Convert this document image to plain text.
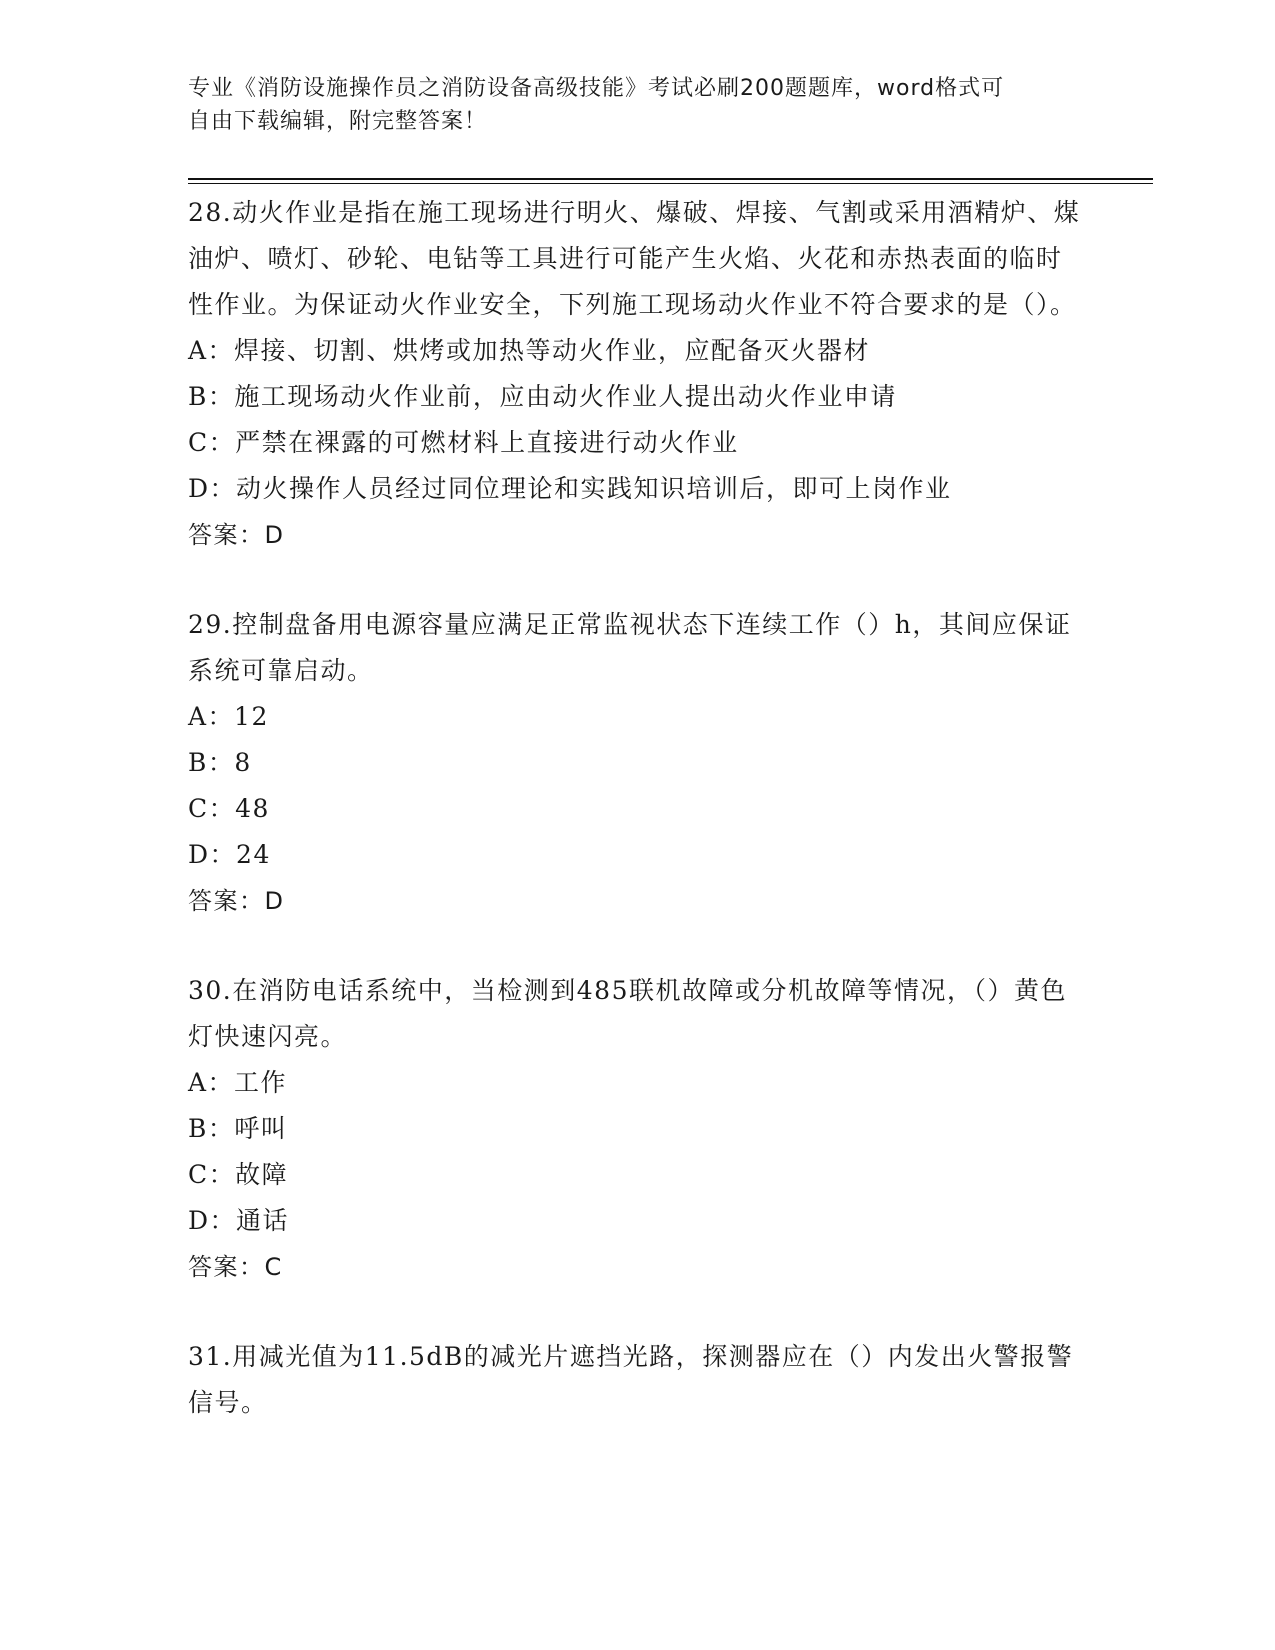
专业《消防设施操作员之消防设备高级技能》考试必刷200题题库，word格式可
自由下载编辑，附完整答案！
28.动火作业是指在施工现场进行明火、爆破、焊接、气割或采用酒精炉、煤油炉、喷灯、砂轮、电钻等工具进行可能产生火焰、火花和赤热表面的临时性作业。为保证动火作业安全，下列施工现场动火作业不符合要求的是（）。
A：焊接、切割、烘烤或加热等动火作业，应配备灭火器材
B：施工现场动火作业前，应由动火作业人提出动火作业申请
C：严禁在裸露的可燃材料上直接进行动火作业
D：动火操作人员经过同位理论和实践知识培训后，即可上岗作业
答案：D
29.控制盘备用电源容量应满足正常监视状态下连续工作（）h，其间应保证系统可靠启动。
A：12
B：8
C：48
D：24
答案：D
30.在消防电话系统中，当检测到485联机故障或分机故障等情况，（）黄色灯快速闪亮。
A：工作
B：呼叫
C：故障
D：通话
答案：C
31.用减光值为11.5dB的减光片遮挡光路，探测器应在（）内发出火警报警信号。
